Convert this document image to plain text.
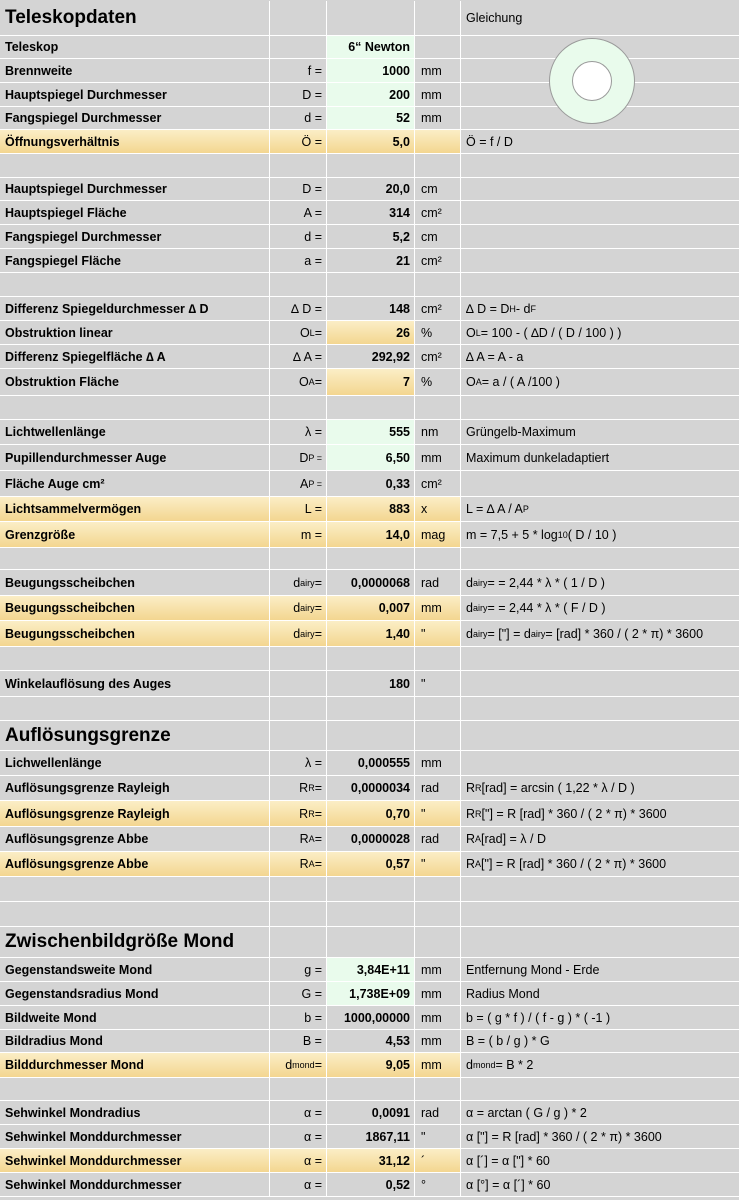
Teleskopdaten	Gleichung
Teleskop	6“ Newton
Brennweite	f =	1000 mm
Hauptspiegel Durchmesser	D =	200 mm
Fangspiegel Durchmesser	d =	52 mm
Öffnungsverhältnis	Ö =	5,0	Ö = f / D
Hauptspiegel Durchmesser	D =	20,0 cm
Hauptspiegel Fläche	A =	314 cm²
Fangspiegel Durchmesser	d =	5,2 cm
Fangspiegel Fläche	a =	21 cm²
Differenz Spiegeldurchmesser ∆ D	∆ D =	148 cm²	∆ D = D H - d F
Obstruktion linear	O L =	26 %	O L = 100 - ( ∆D / ( D / 100 ) )
Differenz Spiegelfläche ∆ A	∆ A =	292,92 cm²	∆ A = A - a
Obstruktion Fläche	O A =	7 %	O A = a / ( A /100 )
Lichtwellenlänge	λ =	555 nm	Grüngelb-Maximum
Pupillendurchmesser Auge	D P =	6,50 mm	Maximum dunkeladaptiert
Fläche Auge cm²	A P =	0,33 cm²
Lichtsammelvermögen	L =	883 x	L = ∆ A / A P
Grenzgröße	m =	14,0 mag	m = 7,5 + 5 * log 10 ( D / 10 )
Beugungsscheibchen	d airy =	0,0000068 rad	d airy = = 2,44 * λ * ( 1 / D )
Beugungsscheibchen	d airy =	0,007 mm	d airy = = 2,44 * λ * ( F / D )
Beugungsscheibchen	d airy =	1,40 "	d airy = ["] = d airy = [rad] * 360 / ( 2 * π) * 3600
Winkelauflösung des Auges	180 "
Auflösungsgrenze
Lichwellenlänge	λ =	0,000555 mm
Auflösungsgrenze Rayleigh	R R =	0,0000034 rad	R R [rad] = arcsin ( 1,22 * λ / D )
Auflösungsgrenze Rayleigh	R R =	0,70 "	R R ["] = R [rad] * 360 / ( 2 * π) * 3600
Auflösungsgrenze Abbe	R A =	0,0000028 rad	R A [rad] = λ / D
Auflösungsgrenze Abbe	R A =	0,57 "	R A ["] = R [rad] * 360 / ( 2 * π) * 3600
Zwischenbildgröße Mond
Gegenstandsweite Mond	g =	3,84E+11 mm	Entfernung Mond - Erde
Gegenstandsradius Mond	G =	1,738E+09 mm	Radius Mond
Bildweite Mond	b =	1000,00000 mm	b = ( g * f ) / ( f - g ) * ( -1 )
Bildradius Mond	B =	4,53 mm	B = ( b / g ) * G
Bilddurchmesser Mond	d mond =	9,05 mm	d mond = B * 2
Sehwinkel Mondradius	α =	0,0091 rad	α = arctan ( G / g ) * 2
Sehwinkel Monddurchmesser	α =	1867,11 "	α ["] = R [rad] * 360 / ( 2 * π) * 3600
Sehwinkel Monddurchmesser	α =	31,12 ´	α [´] = α ["] * 60
Sehwinkel Monddurchmesser	α =	0,52 °	α [°] = α [´] * 60
